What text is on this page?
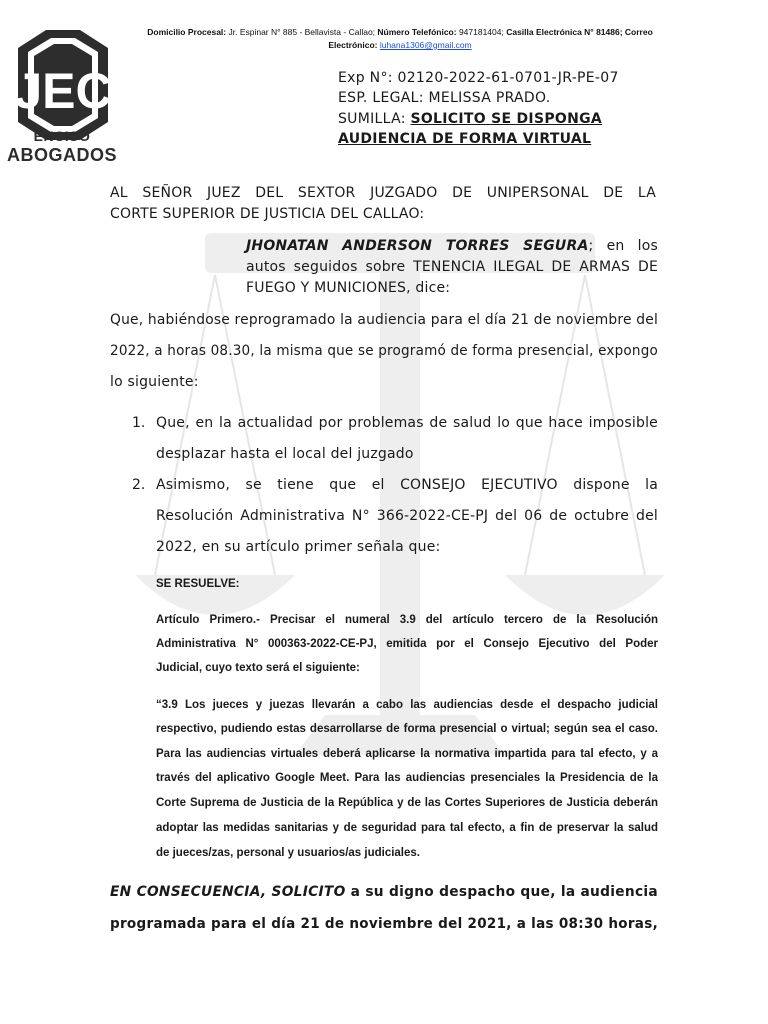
Domicilio Procesal: Jr. Espinar N° 885 - Bellavista - Callao; Número Telefónico: 947181404; Casilla Electrónica N° 81486; Correo
Electrónico: luhana1306@gmail.com
JEC
ENCISO
ABOGADOS
Exp N°: 02120-2022-61-0701-JR-PE-07
ESP. LEGAL: MELISSA PRADO.
SUMILLA: SOLICITO SE DISPONGA
AUDIENCIA DE FORMA VIRTUAL
AL SEÑOR JUEZ DEL SEXTOR JUZGADO DE UNIPERSONAL DE LA
CORTE SUPERIOR DE JUSTICIA DEL CALLAO:
JHONATAN ANDERSON TORRES SEGURA; en los
autos seguidos sobre TENENCIA ILEGAL DE ARMAS DE
FUEGO Y MUNICIONES, dice:
Que, habiéndose reprogramado la audiencia para el día 21 de noviembre del
2022, a horas 08.30, la misma que se programó de forma presencial, expongo
lo siguiente:
1. Que, en la actualidad por problemas de salud lo que hace imposible
desplazar hasta el local del juzgado
2. Asimismo, se tiene que el CONSEJO EJECUTIVO dispone la
Resolución Administrativa N° 366-2022-CE-PJ del 06 de octubre del
2022, en su artículo primer señala que:
SE RESUELVE:
Artículo Primero.- Precisar el numeral 3.9 del artículo tercero de la Resolución
Administrativa N° 000363-2022-CE-PJ, emitida por el Consejo Ejecutivo del Poder
Judicial, cuyo texto será el siguiente:
“3.9 Los jueces y juezas llevarán a cabo las audiencias desde el despacho judicial
respectivo, pudiendo estas desarrollarse de forma presencial o virtual; según sea el caso.
Para las audiencias virtuales deberá aplicarse la normativa impartida para tal efecto, y a
través del aplicativo Google Meet. Para las audiencias presenciales la Presidencia de la
Corte Suprema de Justicia de la República y de las Cortes Superiores de Justicia deberán
adoptar las medidas sanitarias y de seguridad para tal efecto, a fin de preservar la salud
de jueces/zas, personal y usuarios/as judiciales.
EN CONSECUENCIA, SOLICITO a su digno despacho que, la audiencia
programada para el día 21 de noviembre del 2021, a las 08:30 horas,
